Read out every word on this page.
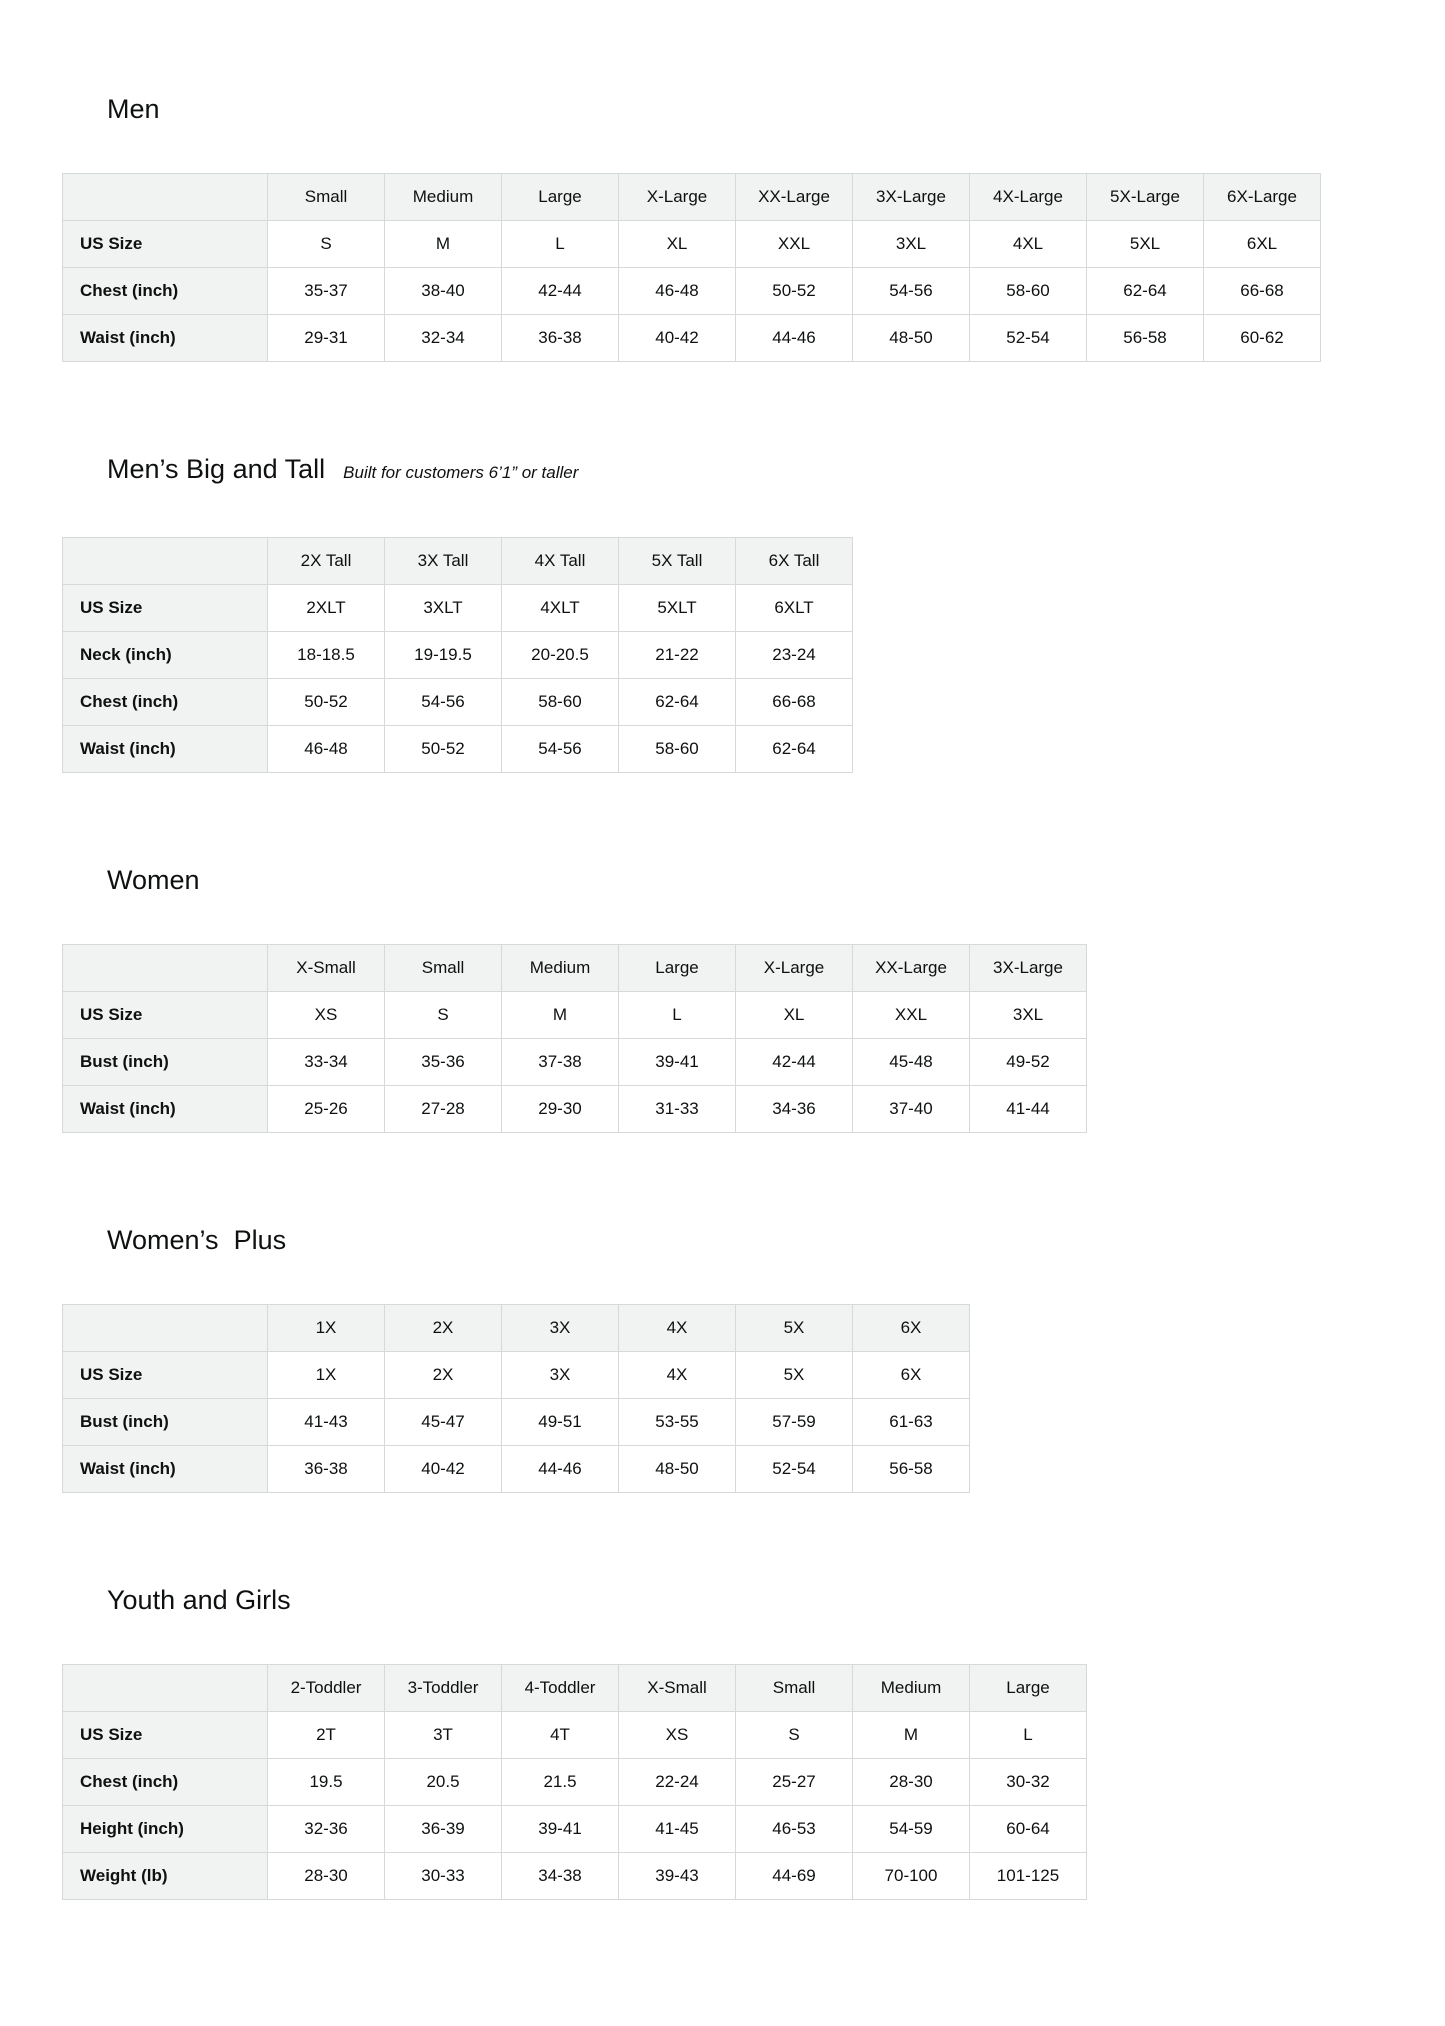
Men

	Small	Medium	Large	X-Large	XX-Large	3X-Large	4X-Large	5X-Large	6X-Large
US Size	S	M	L	XL	XXL	3XL	4XL	5XL	6XL
Chest (inch)	35-37	38-40	42-44	46-48	50-52	54-56	58-60	62-64	66-68
Waist (inch)	29-31	32-34	36-38	40-42	44-46	48-50	52-54	56-58	60-62

Men’s Big and Tall Built for customers 6’1” or taller

	2X Tall	3X Tall	4X Tall	5X Tall	6X Tall
US Size	2XLT	3XLT	4XLT	5XLT	6XLT
Neck (inch)	18-18.5	19-19.5	20-20.5	21-22	23-24
Chest (inch)	50-52	54-56	58-60	62-64	66-68
Waist (inch)	46-48	50-52	54-56	58-60	62-64

Women

	X-Small	Small	Medium	Large	X-Large	XX-Large	3X-Large
US Size	XS	S	M	L	XL	XXL	3XL
Bust (inch)	33-34	35-36	37-38	39-41	42-44	45-48	49-52
Waist (inch)	25-26	27-28	29-30	31-33	34-36	37-40	41-44

Women’s  Plus

	1X	2X	3X	4X	5X	6X
US Size	1X	2X	3X	4X	5X	6X
Bust (inch)	41-43	45-47	49-51	53-55	57-59	61-63
Waist (inch)	36-38	40-42	44-46	48-50	52-54	56-58

Youth and Girls

	2-Toddler	3-Toddler	4-Toddler	X-Small	Small	Medium	Large
US Size	2T	3T	4T	XS	S	M	L
Chest (inch)	19.5	20.5	21.5	22-24	25-27	28-30	30-32
Height (inch)	32-36	36-39	39-41	41-45	46-53	54-59	60-64
Weight (lb)	28-30	30-33	34-38	39-43	44-69	70-100	101-125
